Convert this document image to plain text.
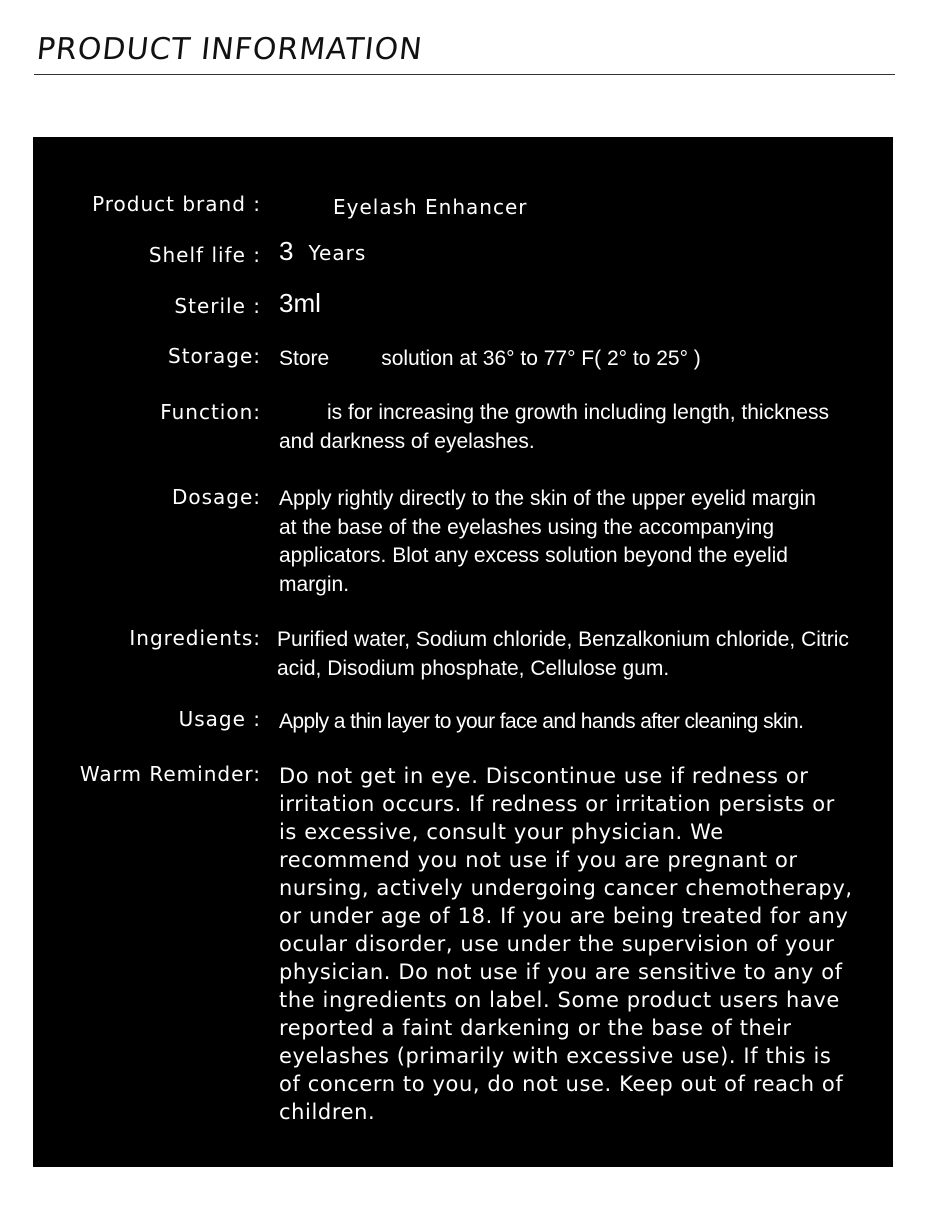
PRODUCT INFORMATION

Product brand :	Eyelash Enhancer

Shelf life : 3 Years

Sterile : 3ml

Storage: Store solution at 36° to 77° F( 2° to 25° )

Function:	is for increasing the growth including length, thickness and darkness of eyelashes.

Dosage: Apply rightly directly to the skin of the upper eyelid margin at the base of the eyelashes using the accompanying applicators. Blot any excess solution beyond the eyelid margin.

Ingredients: Purified water, Sodium chloride, Benzalkonium chloride, Citric acid, Disodium phosphate, Cellulose gum.

Usage : Apply a thin layer to your face and hands after cleaning skin.

Warm Reminder: Do not get in eye. Discontinue use if redness or irritation occurs. If redness or irritation persists or is excessive, consult your physician. We recommend you not use if you are pregnant or nursing, actively undergoing cancer chemotherapy, or under age of 18. If you are being treated for any ocular disorder, use under the supervision of your physician. Do not use if you are sensitive to any of the ingredients on label. Some product users have reported a faint darkening or the base of their eyelashes (primarily with excessive use). If this is of concern to you, do not use. Keep out of reach of children.
